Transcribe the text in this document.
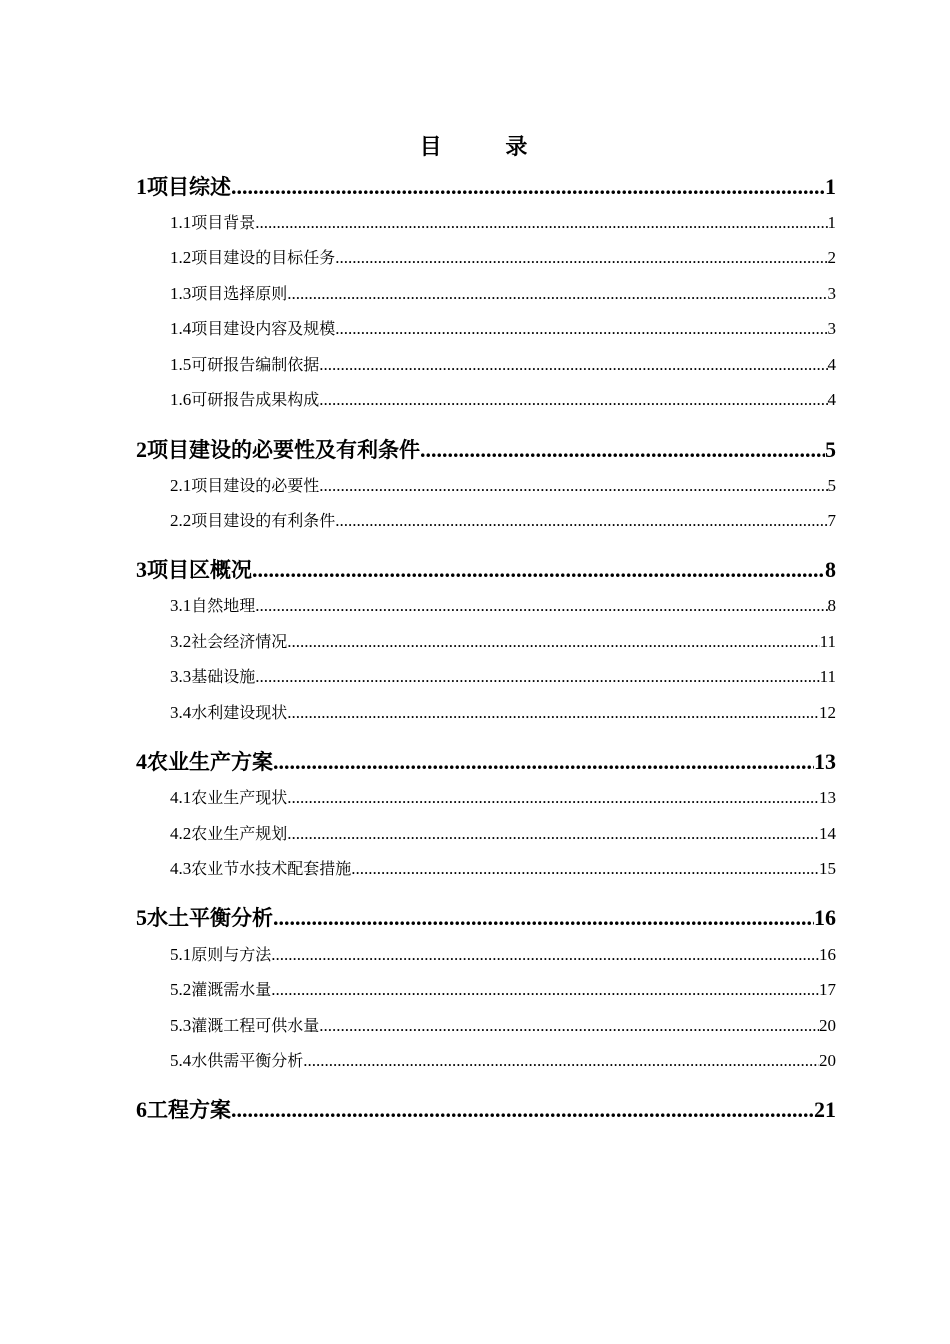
目 录
1 项目综述 .....	1
1.1 项目背景 .....	1
1.2 项目建设的目标任务 .....	2
1.3 项目选择原则 .....	3
1.4 项目建设内容及规模 .....	3
1.5 可研报告编制依据 .....	4
1.6 可研报告成果构成 .....	4
2 项目建设的必要性及有利条件 .....	5
2.1 项目建设的必要性 .....	5
2.2 项目建设的有利条件 .....	7
3 项目区概况 .....	8
3.1 自然地理 .....	8
3.2 社会经济情况 .....	11
3.3 基础设施 .....	11
3.4 水利建设现状 .....	12
4 农业生产方案 .....	13
4.1 农业生产现状 .....	13
4.2 农业生产规划 .....	14
4.3 农业节水技术配套措施 .....	15
5 水土平衡分析 .....	16
5.1 原则与方法 .....	16
5.2 灌溉需水量 .....	17
5.3 灌溉工程可供水量 .....	20
5.4 水供需平衡分析 .....	20
6 工程方案 .....	21
